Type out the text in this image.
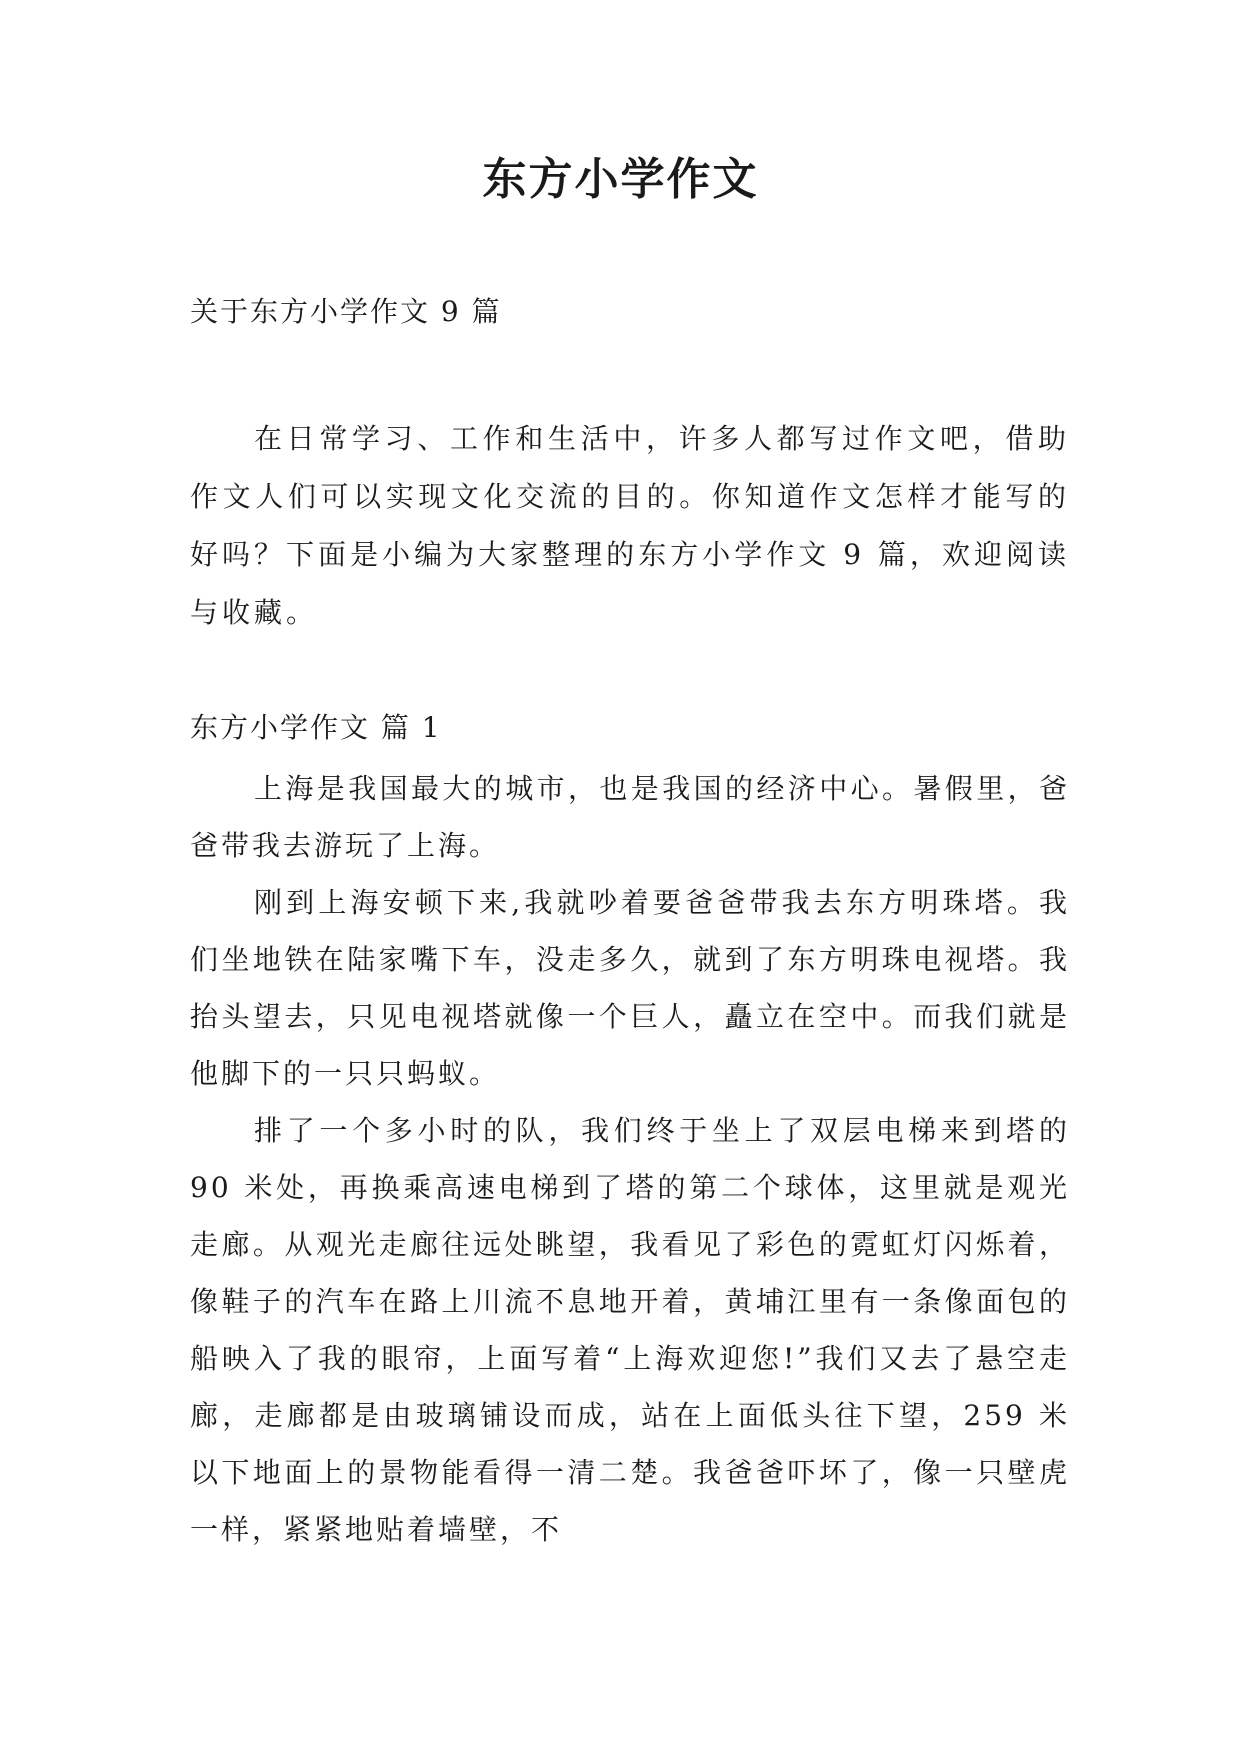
东方小学作文
关于东方小学作文 9 篇

在日常学习、工作和生活中，许多人都写过作文吧，借助作文人们可以实现文化交流的目的。你知道作文怎样才能写的好吗？下面是小编为大家整理的东方小学作文 9 篇，欢迎阅读与收藏。

东方小学作文 篇 1

上海是我国最大的城市，也是我国的经济中心。暑假里，爸爸带我去游玩了上海。

刚到上海安顿下来,我就吵着要爸爸带我去东方明珠塔。我们坐地铁在陆家嘴下车，没走多久，就到了东方明珠电视塔。我抬头望去，只见电视塔就像一个巨人，矗立在空中。而我们就是他脚下的一只只蚂蚁。

排了一个多小时的队，我们终于坐上了双层电梯来到塔的 90 米处，再换乘高速电梯到了塔的第二个球体，这里就是观光走廊。从观光走廊往远处眺望，我看见了彩色的霓虹灯闪烁着，像鞋子的汽车在路上川流不息地开着，黄埔江里有一条像面包的船映入了我的眼帘，上面写着“上海欢迎您!”我们又去了悬空走廊，走廊都是由玻璃铺设而成，站在上面低头往下望，259 米以下地面上的景物能看得一清二楚。我爸爸吓坏了，像一只壁虎一样，紧紧地贴着墙壁，不
